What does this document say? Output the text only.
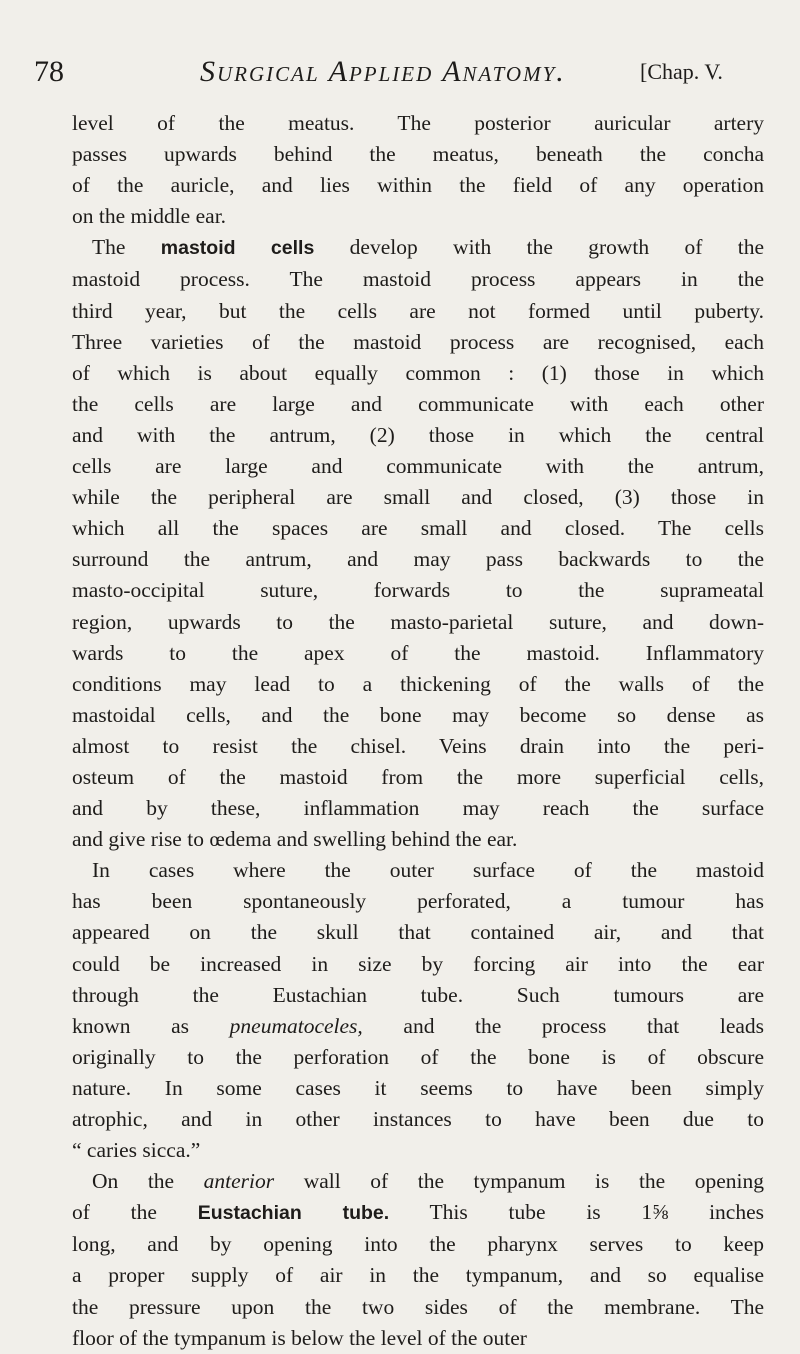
78	Surgical Applied Anatomy.	[Chap. V.
level of the meatus. The posterior auricular artery
passes upwards behind the meatus, beneath the concha
of the auricle, and lies within the field of any operation
on the middle ear.
The mastoid cells develop with the growth of the
mastoid process. The mastoid process appears in the
third year, but the cells are not formed until puberty.
Three varieties of the mastoid process are recognised, each
of which is about equally common : (1) those in which
the cells are large and communicate with each other
and with the antrum, (2) those in which the central
cells are large and communicate with the antrum,
while the peripheral are small and closed, (3) those in
which all the spaces are small and closed. The cells
surround the antrum, and may pass backwards to the
masto-occipital suture, forwards to the suprameatal
region, upwards to the masto-parietal suture, and down-
wards to the apex of the mastoid. Inflammatory
conditions may lead to a thickening of the walls of the
mastoidal cells, and the bone may become so dense as
almost to resist the chisel. Veins drain into the peri-
osteum of the mastoid from the more superficial cells,
and by these, inflammation may reach the surface
and give rise to œdema and swelling behind the ear.
In cases where the outer surface of the mastoid
has been spontaneously perforated, a tumour has
appeared on the skull that contained air, and that
could be increased in size by forcing air into the ear
through the Eustachian tube. Such tumours are
known as pneumatoceles, and the process that leads
originally to the perforation of the bone is of obscure
nature. In some cases it seems to have been simply
atrophic, and in other instances to have been due to
“ caries sicca.”
On the anterior wall of the tympanum is the opening
of the Eustachian tube. This tube is 1⅝ inches
long, and by opening into the pharynx serves to keep
a proper supply of air in the tympanum, and so equalise
the pressure upon the two sides of the membrane. The
floor of the tympanum is below the level of the outer
